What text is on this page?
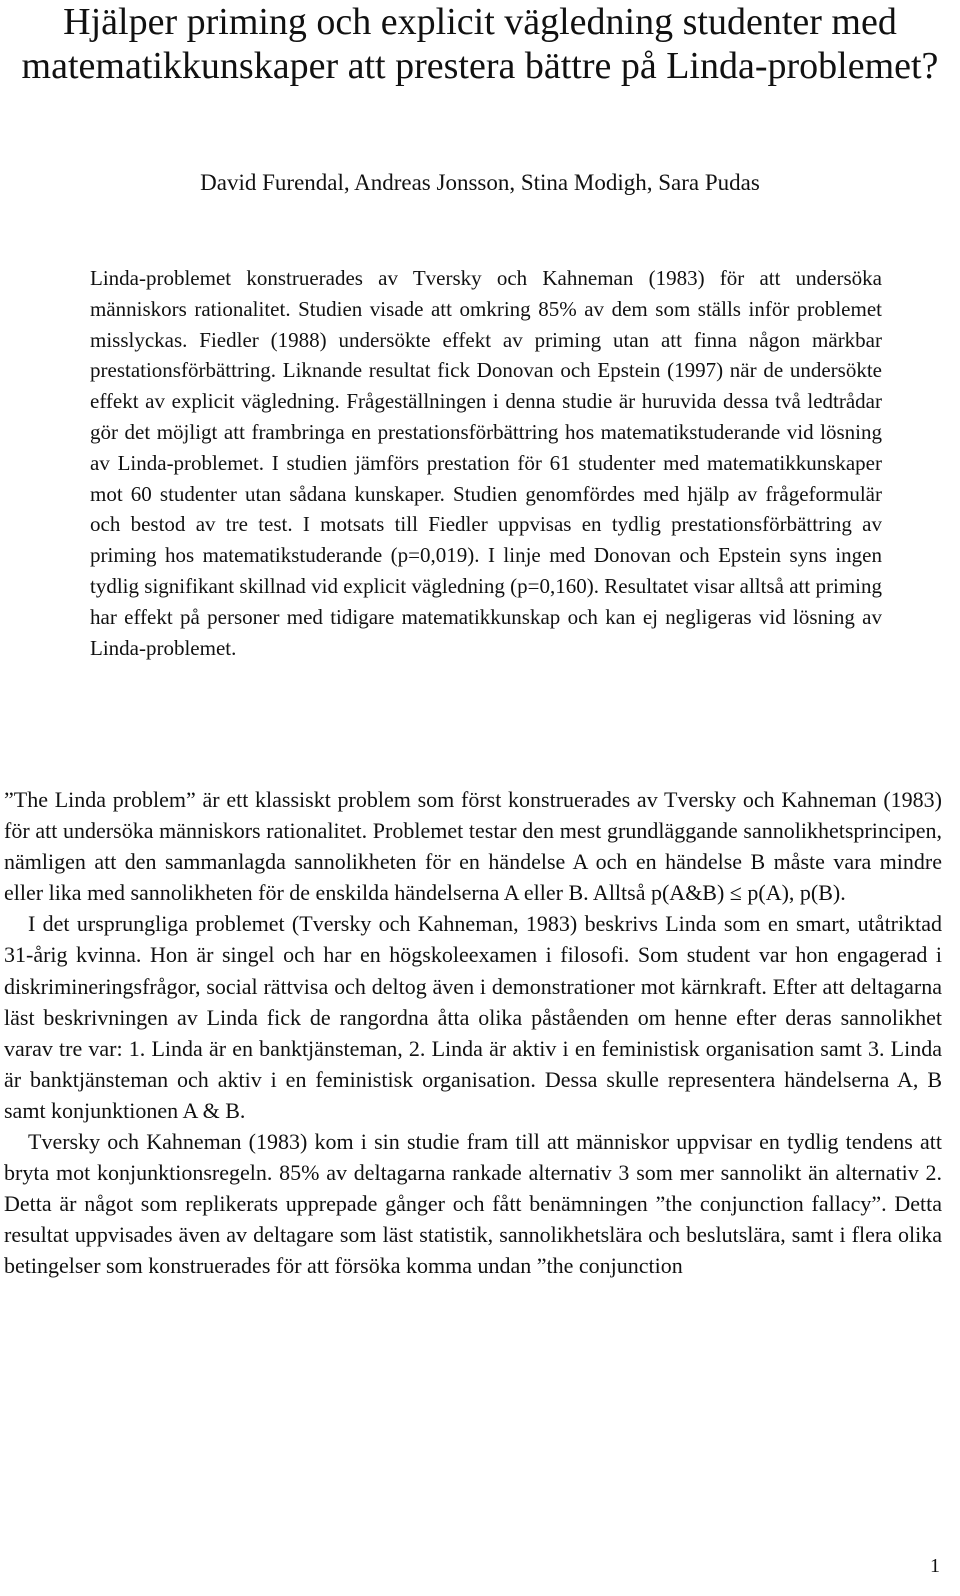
Hjälper priming och explicit vägledning studenter med matematikkunskaper att prestera bättre på Linda-problemet?

David Furendal, Andreas Jonsson, Stina Modigh, Sara Pudas

Linda-problemet konstruerades av Tversky och Kahneman (1983) för att undersöka människors rationalitet. Studien visade att omkring 85% av dem som ställs inför problemet misslyckas. Fiedler (1988) undersökte effekt av priming utan att finna någon märkbar prestationsförbättring. Liknande resultat fick Donovan och Epstein (1997) när de undersökte effekt av explicit vägledning. Frågeställningen i denna studie är huruvida dessa två ledtrådar gör det möjligt att frambringa en prestationsförbättring hos matematikstuderande vid lösning av Linda-problemet. I studien jämförs prestation för 61 studenter med matematikkunskaper mot 60 studenter utan sådana kunskaper. Studien genomfördes med hjälp av frågeformulär och bestod av tre test. I motsats till Fiedler uppvisas en tydlig prestationsförbättring av priming hos matematikstuderande (p=0,019). I linje med Donovan och Epstein syns ingen tydlig signifikant skillnad vid explicit vägledning (p=0,160). Resultatet visar alltså att priming har effekt på personer med tidigare matematikkunskap och kan ej negligeras vid lösning av Linda-problemet.

”The Linda problem” är ett klassiskt problem som först konstruerades av Tversky och Kahneman (1983) för att undersöka människors rationalitet. Problemet testar den mest grundläggande sannolikhetsprincipen, nämligen att den sammanlagda sannolikheten för en händelse A och en händelse B måste vara mindre eller lika med sannolikheten för de enskilda händelserna A eller B. Alltså p(A&B) ≤ p(A), p(B).

I det ursprungliga problemet (Tversky och Kahneman, 1983) beskrivs Linda som en smart, utåtriktad 31-årig kvinna. Hon är singel och har en högskoleexamen i filosofi. Som student var hon engagerad i diskrimineringsfrågor, social rättvisa och deltog även i demonstrationer mot kärnkraft. Efter att deltagarna läst beskrivningen av Linda fick de rangordna åtta olika påståenden om henne efter deras sannolikhet varav tre var: 1. Linda är en banktjänsteman, 2. Linda är aktiv i en feministisk organisation samt 3. Linda är banktjänsteman och aktiv i en feministisk organisation. Dessa skulle representera händelserna A, B samt konjunktionen A & B.

Tversky och Kahneman (1983) kom i sin studie fram till att människor uppvisar en tydlig tendens att bryta mot konjunktionsregeln. 85% av deltagarna rankade alternativ 3 som mer sannolikt än alternativ 2. Detta är något som replikerats upprepade gånger och fått benämningen ”the conjunction fallacy”. Detta resultat uppvisades även av deltagare som läst statistik, sannolikhetslära och beslutslära, samt i flera olika betingelser som konstruerades för att försöka komma undan ”the conjunction

1
